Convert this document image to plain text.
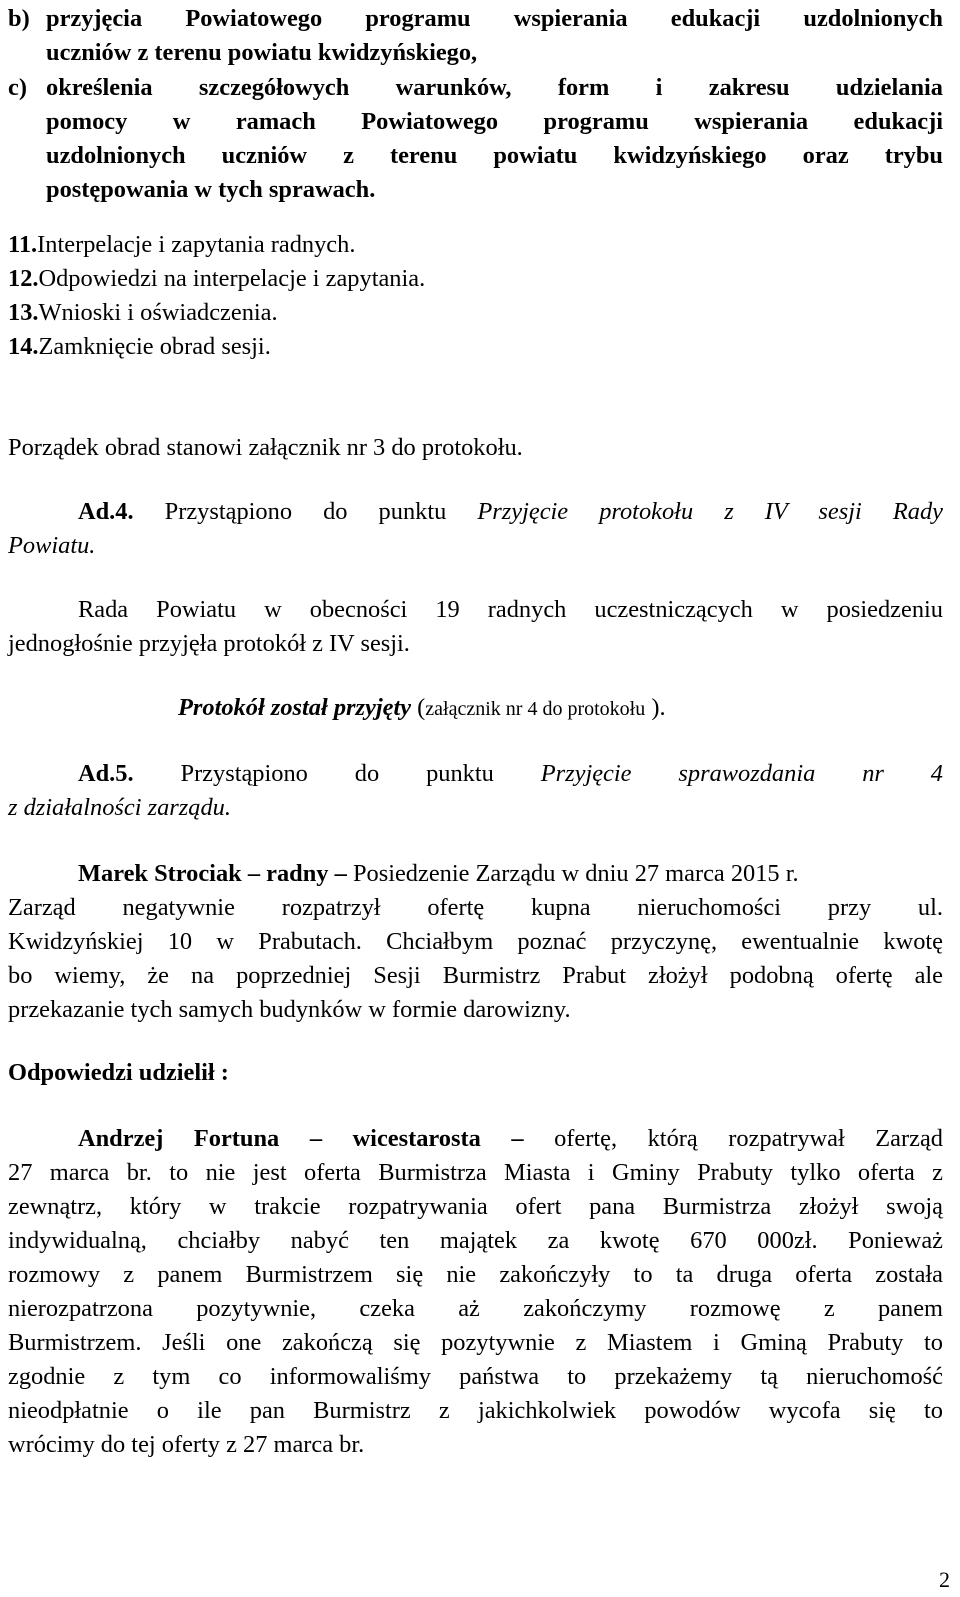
b) przyjęcia Powiatowego programu wspierania edukacji uzdolnionych
uczniów z terenu powiatu kwidzyńskiego,
c) określenia szczegółowych warunków, form i zakresu udzielania
pomocy w ramach Powiatowego programu wspierania edukacji
uzdolnionych uczniów z terenu powiatu kwidzyńskiego oraz trybu
postępowania w tych sprawach.
11.Interpelacje i zapytania radnych.
12.Odpowiedzi na interpelacje i zapytania.
13.Wnioski i oświadczenia.
14.Zamknięcie obrad sesji.
Porządek obrad stanowi załącznik nr 3 do protokołu.
Ad.4. Przystąpiono do punktu Przyjęcie protokołu z IV sesji Rady
Powiatu.
Rada Powiatu w obecności 19 radnych uczestniczących w posiedzeniu
jednogłośnie przyjęła protokół z IV sesji.
Protokół został przyjęty (załącznik nr 4 do protokołu ).
Ad.5. Przystąpiono do punktu Przyjęcie sprawozdania nr 4
z działalności zarządu.
Marek Strociak – radny – Posiedzenie Zarządu w dniu 27 marca 2015 r.
Zarząd negatywnie rozpatrzył ofertę kupna nieruchomości przy ul.
Kwidzyńskiej 10 w Prabutach. Chciałbym poznać przyczynę, ewentualnie kwotę
bo wiemy, że na poprzedniej Sesji Burmistrz Prabut złożył podobną ofertę ale
przekazanie tych samych budynków w formie darowizny.
Odpowiedzi udzielił :
Andrzej Fortuna – wicestarosta – ofertę, którą rozpatrywał Zarząd
27 marca br. to nie jest oferta Burmistrza Miasta i Gminy Prabuty tylko oferta z
zewnątrz, który w trakcie rozpatrywania ofert pana Burmistrza złożył swoją
indywidualną, chciałby nabyć ten majątek za kwotę 670 000zł. Ponieważ
rozmowy z panem Burmistrzem się nie zakończyły to ta druga oferta została
nierozpatrzona pozytywnie, czeka aż zakończymy rozmowę z panem
Burmistrzem. Jeśli one zakończą się pozytywnie z Miastem i Gminą Prabuty to
zgodnie z tym co informowaliśmy państwa to przekażemy tą nieruchomość
nieodpłatnie o ile pan Burmistrz z jakichkolwiek powodów wycofa się to
wrócimy do tej oferty z 27 marca br.
2
